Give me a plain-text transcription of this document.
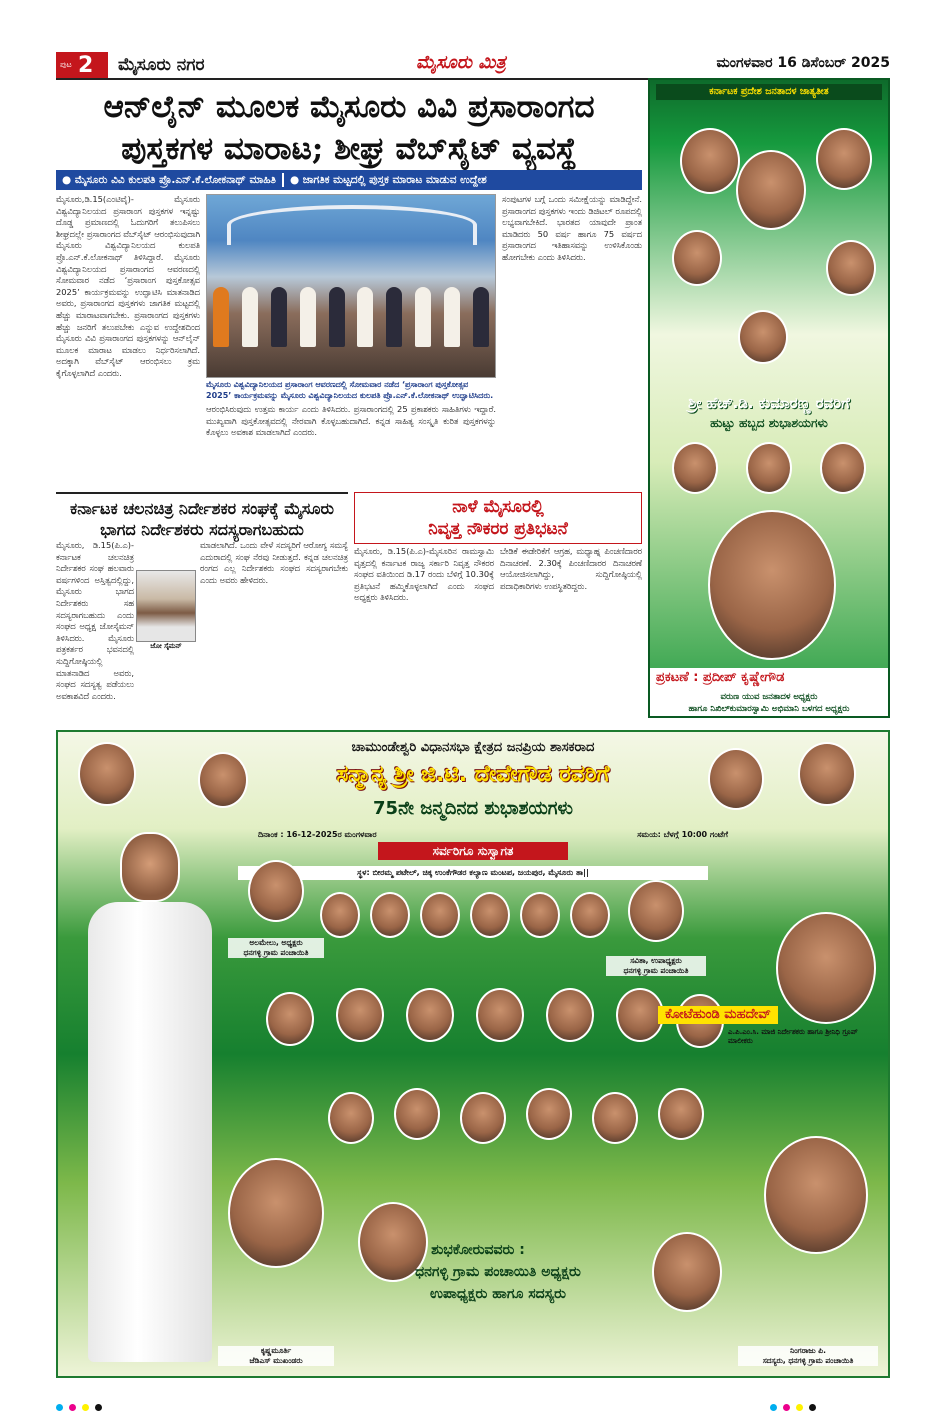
ಪುಟ 2 ಮೈಸೂರು ನಗರ	ಮೈಸೂರು ಮಿತ್ರ	ಮಂಗಳವಾರ 16 ಡಿಸೆಂಬರ್ 2025
ಆನ್‌ಲೈನ್ ಮೂಲಕ ಮೈಸೂರು ವಿವಿ ಪ್ರಸಾರಾಂಗದ
ಪುಸ್ತಕಗಳ ಮಾರಾಟ; ಶೀಘ್ರ ವೆಬ್‌ಸೈಟ್ ವ್ಯವಸ್ಥೆ
● ಮೈಸೂರು ವಿವಿ ಕುಲಪತಿ ಪ್ರೊ.ಎನ್.ಕೆ.ಲೋಕನಾಥ್ ಮಾಹಿತಿ	● ಜಾಗತಿಕ ಮಟ್ಟದಲ್ಲಿ ಪುಸ್ತಕ ಮಾರಾಟ ಮಾಡುವ ಉದ್ದೇಶ
ಮೈಸೂರು,ಡಿ.15(ಎಂಟಿವೈ)- ಮೈಸೂರು ವಿಶ್ವವಿದ್ಯಾನಿಲಯದ ಪ್ರಸಾರಾಂಗ ಪುಸ್ತಕಗಳ ಇನ್ನಷ್ಟು ದೊಡ್ಡ ಪ್ರಮಾಣದಲ್ಲಿ ಓದುಗರಿಗೆ ತಲುಪಿಸಲು ಶೀಘ್ರದಲ್ಲೇ ಪ್ರಸಾರಾಂಗದ ವೆಬ್‌ಸೈಟ್ ಆರಂಭಿಸುವುದಾಗಿ ಮೈಸೂರು ವಿಶ್ವವಿದ್ಯಾನಿಲಯದ ಕುಲಪತಿ ಪ್ರೊ.ಎನ್.ಕೆ.ಲೋಕನಾಥ್ ತಿಳಿಸಿದ್ದಾರೆ. ಮೈಸೂರು ವಿಶ್ವವಿದ್ಯಾನಿಲಯದ ಪ್ರಸಾರಾಂಗದ ಆವರಣದಲ್ಲಿ ಸೋಮವಾರ ನಡೆದ ‘ಪ್ರಸಾರಾಂಗ ಪುಸ್ತಕೋತ್ಸವ 2025’ ಕಾರ್ಯಕ್ರಮವನ್ನು ಉದ್ಘಾಟಿಸಿ ಮಾತನಾಡಿದ ಅವರು, ಪ್ರಸಾರಾಂಗದ ಪುಸ್ತಕಗಳು ಜಾಗತಿಕ ಮಟ್ಟದಲ್ಲಿ ಹೆಚ್ಚು ಮಾರಾಟವಾಗಬೇಕು. ಪ್ರಸಾರಾಂಗದ ಪುಸ್ತಕಗಳು ಹೆಚ್ಚು ಜನರಿಗೆ ತಲುಪಬೇಕು ಎನ್ನುವ ಉದ್ದೇಶದಿಂದ ಮೈಸೂರು ವಿವಿ ಪ್ರಸಾರಾಂಗದ ಪುಸ್ತಕಗಳನ್ನು ಆನ್‌ಲೈನ್ ಮೂಲಕ ಮಾರಾಟ ಮಾಡಲು ನಿರ್ಧರಿಸಲಾಗಿದೆ. ಅದಕ್ಕಾಗಿ ವೆಬ್‌ಸೈಟ್ ಆರಂಭಿಸಲು ಕ್ರಮ ಕೈಗೊಳ್ಳಲಾಗಿದೆ ಎಂದರು.
ಮೈಸೂರು ವಿಶ್ವವಿದ್ಯಾನಿಲಯದ ಪ್ರಸಾರಾಂಗ ಆವರಣದಲ್ಲಿ ಸೋಮವಾರ ನಡೆದ ‘ಪ್ರಸಾರಾಂಗ ಪುಸ್ತಕೋತ್ಸವ 2025’ ಕಾರ್ಯಕ್ರಮವನ್ನು ಮೈಸೂರು ವಿಶ್ವವಿದ್ಯಾನಿಲಯದ ಕುಲಪತಿ ಪ್ರೊ.ಎನ್.ಕೆ.ಲೋಕನಾಥ್ ಉದ್ಘಾಟಿಸಿದರು.
ಆರಂಭಿಸಿರುವುದು ಉತ್ತಮ ಕಾರ್ಯ ಎಂದು ತಿಳಿಸಿದರು. ಪ್ರಸಾರಾಂಗದಲ್ಲಿ 25 ಪ್ರಕಾಶಕರು ಸಾಹಿತಿಗಳು ಇದ್ದಾರೆ. ಮುಖ್ಯವಾಗಿ ಪುಸ್ತಕೋತ್ಸವದಲ್ಲಿ ನೇರವಾಗಿ ಕೊಳ್ಳಬಹುದಾಗಿದೆ. ಕನ್ನಡ ಸಾಹಿತ್ಯ ಸಂಸ್ಕೃತಿ ಕುರಿತ ಪುಸ್ತಕಗಳನ್ನು ಕೊಳ್ಳಲು ಅವಕಾಶ ಮಾಡಲಾಗಿದೆ ಎಂದರು.
ಸಂಪುಟಗಳ ಬಗ್ಗೆ ಒಂದು ಸಮೀಕ್ಷೆಯನ್ನು ಮಾಡಿದ್ದೇನೆ. ಪ್ರಸಾರಾಂಗದ ಪುಸ್ತಕಗಳು ಇಂದು ಡಿಜಿಟಲ್ ರೂಪದಲ್ಲಿ ಲಭ್ಯವಾಗಬೇಕಿದೆ. ಭಾರತದ ಯಾವುದೇ ಪ್ರಾಂತ ಮಾಡಿದರು 50 ವರ್ಷ ಹಾಗೂ 75 ವರ್ಷದ ಪ್ರಸಾರಾಂಗದ ಇತಿಹಾಸವನ್ನು ಉಳಿಸಿಕೊಂಡು ಹೋಗಬೇಕು ಎಂದು ತಿಳಿಸಿದರು.
ಕರ್ನಾಟಕ ಚಲನಚಿತ್ರ ನಿರ್ದೇಶಕರ ಸಂಘಕ್ಕೆ ಮೈಸೂರು ಭಾಗದ ನಿರ್ದೇಶಕರು ಸದಸ್ಯರಾಗಬಹುದು
ಮೈಸೂರು, ಡಿ.15(ಪಿ.ಎ)-ಕರ್ನಾಟಕ ಚಲನಚಿತ್ರ ನಿರ್ದೇಶಕರ ಸಂಘ ಹಲವಾರು ವರ್ಷಗಳಿಂದ ಅಸ್ತಿತ್ವದಲ್ಲಿದ್ದು, ಮೈಸೂರು ಭಾಗದ ನಿರ್ದೇಶಕರು ಸಹ ಸದಸ್ಯರಾಗಬಹುದು ಎಂದು ಸಂಘದ ಅಧ್ಯಕ್ಷ ಜೋಸೈಮನ್ ತಿಳಿಸಿದರು. ಮೈಸೂರು ಪತ್ರಕರ್ತರ ಭವನದಲ್ಲಿ ಸುದ್ದಿಗೋಷ್ಠಿಯಲ್ಲಿ ಮಾತನಾಡಿದ ಅವರು, ಸಂಘದ ಸದಸ್ಯತ್ವ ಪಡೆಯಲು ಅವಕಾಶವಿದೆ ಎಂದರು.
ಜೋ ಸೈಮನ್
ಮಾಡಲಾಗಿದೆ. ಒಂದು ವೇಳೆ ಸದಸ್ಯರಿಗೆ ಆರೋಗ್ಯ ಸಮಸ್ಯೆ ಎದುರಾದಲ್ಲಿ ಸಂಘ ನೆರವು ನೀಡುತ್ತದೆ. ಕನ್ನಡ ಚಲನಚಿತ್ರ ರಂಗದ ಎಲ್ಲ ನಿರ್ದೇಶಕರು ಸಂಘದ ಸದಸ್ಯರಾಗಬೇಕು ಎಂದು ಅವರು ಹೇಳಿದರು.
ನಾಳೆ ಮೈಸೂರಲ್ಲಿ
ನಿವೃತ್ತ ನೌಕರರ ಪ್ರತಿಭಟನೆ
ಮೈಸೂರು, ಡಿ.15(ಪಿ.ಎ)-ಮೈಸೂರಿನ ರಾಮಸ್ವಾಮಿ ವೃತ್ತದಲ್ಲಿ ಕರ್ನಾಟಕ ರಾಜ್ಯ ಸರ್ಕಾರಿ ನಿವೃತ್ತ ನೌಕರರ ಸಂಘದ ವತಿಯಿಂದ ಡಿ.17 ರಂದು ಬೆಳಿಗ್ಗೆ 10.30ಕ್ಕೆ ಪ್ರತಿಭಟನೆ ಹಮ್ಮಿಕೊಳ್ಳಲಾಗಿದೆ ಎಂದು ಸಂಘದ ಅಧ್ಯಕ್ಷರು ತಿಳಿಸಿದರು.
ಬೇಡಿಕೆ ಈಡೇರಿಕೆಗೆ ಆಗ್ರಹ, ಮಧ್ಯಾಹ್ನ ಪಿಂಚಣಿದಾರರ ದಿನಾಚರಣೆ. 2.30ಕ್ಕೆ ಪಿಂಚಣಿದಾರರ ದಿನಾಚರಣೆ ಆಯೋಜಿಸಲಾಗಿದ್ದು, ಸುದ್ದಿಗೋಷ್ಠಿಯಲ್ಲಿ ಪದಾಧಿಕಾರಿಗಳು ಉಪಸ್ಥಿತರಿದ್ದರು.
ಕರ್ನಾಟಕ ಪ್ರದೇಶ ಜನತಾದಳ ಜಾತ್ಯತೀತ
ಶ್ರೀ ಹೆಚ್.ಡಿ. ಕುಮಾರಣ್ಣ ರವರಿಗೆ
ಹುಟ್ಟು ಹಬ್ಬದ ಶುಭಾಶಯಗಳು
ಪ್ರಕಟಣೆ : ಪ್ರದೀಪ್ ಕೃಷ್ಣೇಗೌಡ
ವರುಣ ಯುವ ಜನತಾದಳ ಅಧ್ಯಕ್ಷರು
ಹಾಗೂ ನಿಖಿಲ್‌ಕುಮಾರಸ್ವಾಮಿ ಅಭಿಮಾನಿ ಬಳಗದ ಅಧ್ಯಕ್ಷರು
ಚಾಮುಂಡೇಶ್ವರಿ ವಿಧಾನಸಭಾ ಕ್ಷೇತ್ರದ ಜನಪ್ರಿಯ ಶಾಸಕರಾದ
ಸನ್ಮಾನ್ಯ ಶ್ರೀ ಜಿ.ಟಿ. ದೇವೇಗೌಡ ರವರಿಗೆ
75ನೇ ಜನ್ಮದಿನದ ಶುಭಾಶಯಗಳು
ದಿನಾಂಕ : 16-12-2025ರ ಮಂಗಳವಾರ	ಸಮಯ: ಬೆಳಗ್ಗೆ 10:00 ಗಂಟೆಗೆ
ಸರ್ವರಿಗೂ ಸುಸ್ವಾಗತ
ಸ್ಥಳ: ಬೀರಮ್ಮ ಪಟೇಲ್, ಚಿಕ್ಕ ಉಂಕೆಗೌಡರ ಕಲ್ಯಾಣ ಮಂಟಪ, ಜಯಪುರ, ಮೈಸೂರು ತಾ||
ಅಲಮೇಲು, ಅಧ್ಯಕ್ಷರು
ಧನಗಳ್ಳಿ ಗ್ರಾಮ ಪಂಚಾಯಿತಿ
ಸವಿತಾ, ಉಪಾಧ್ಯಕ್ಷರು
ಧನಗಳ್ಳಿ ಗ್ರಾಮ ಪಂಚಾಯಿತಿ
ಕೋಟೆಹುಂಡಿ ಮಹದೇವ್
ಎ.ಪಿ.ಎಂ.ಸಿ. ಮಾಜಿ ನಿರ್ದೇಶಕರು ಹಾಗೂ ಶ್ರೀನಿಧಿ ಗ್ರೂಪ್ ಮಾಲೀಕರು
ಕೃಷ್ಣಮೂರ್ತಿ
ಜೆಡಿಎಸ್ ಮುಖಂಡರು
ನಿಂಗರಾಜು ಪಿ.
ಸದಸ್ಯರು, ಧನಗಳ್ಳಿ ಗ್ರಾಮ ಪಂಚಾಯಿತಿ
ಶುಭಕೋರುವವರು :
ಧನಗಳ್ಳಿ ಗ್ರಾಮ ಪಂಚಾಯಿತಿ ಅಧ್ಯಕ್ಷರು
ಉಪಾಧ್ಯಕ್ಷರು ಹಾಗೂ ಸದಸ್ಯರು
